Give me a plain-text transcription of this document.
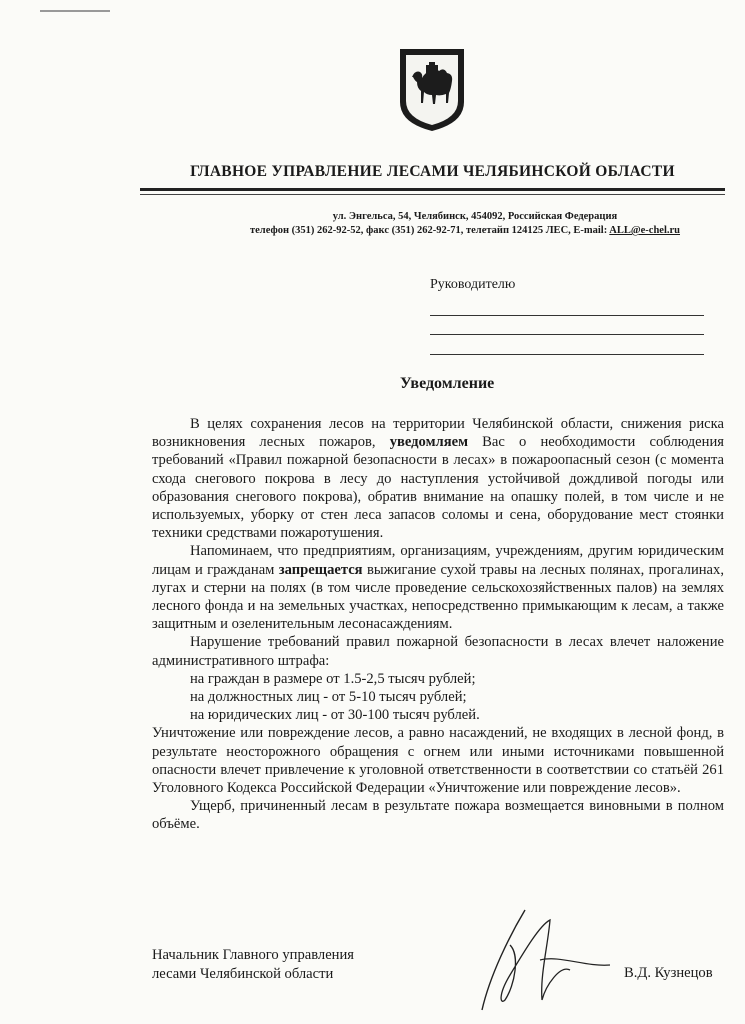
ГЛАВНОЕ УПРАВЛЕНИЕ ЛЕСАМИ ЧЕЛЯБИНСКОЙ ОБЛАСТИ
ул. Энгельса, 54, Челябинск, 454092, Российская Федерация
телефон (351) 262-92-52, факс (351) 262-92-71, телетайп 124125 ЛЕС, E-mail: ALL@e-chel.ru
Руководителю
Уведомление

В целях сохранения лесов на территории Челябинской области, снижения риска возникновения лесных пожаров, уведомляем Вас о необходимости соблюдения требований «Правил пожарной безопасности в лесах» в пожароопасный сезон (с момента схода снегового покрова в лесу до наступления устойчивой дождливой погоды или образования снегового покрова), обратив внимание на опашку полей, в том числе и не используемых, уборку от стен леса запасов соломы и сена, оборудование мест стоянки техники средствами пожаротушения.

Напоминаем, что предприятиям, организациям, учреждениям, другим юридическим лицам и гражданам запрещается выжигание сухой травы на лесных полянах, прогалинах, лугах и стерни на полях (в том числе проведение сельскохозяйственных палов) на землях лесного фонда и на земельных участках, непосредственно примыкающим к лесам, а также защитным и озеленительным лесонасаждениям.

Нарушение требований правил пожарной безопасности в лесах влечет наложение административного штрафа:

на граждан в размере от 1.5-2,5 тысяч рублей;

на должностных лиц - от 5-10 тысяч рублей;

на юридических лиц - от 30-100 тысяч рублей.

Уничтожение или повреждение лесов, а равно насаждений, не входящих в лесной фонд, в результате неосторожного обращения с огнем или иными источниками повышенной опасности влечет привлечение к уголовной ответственности в соответствии со статьёй 261 Уголовного Кодекса Российской Федерации «Уничтожение или повреждение лесов».

Ущерб, причиненный лесам в результате пожара возмещается виновными в полном объёме.

Начальник Главного управления
лесами Челябинской области	В.Д. Кузнецов
